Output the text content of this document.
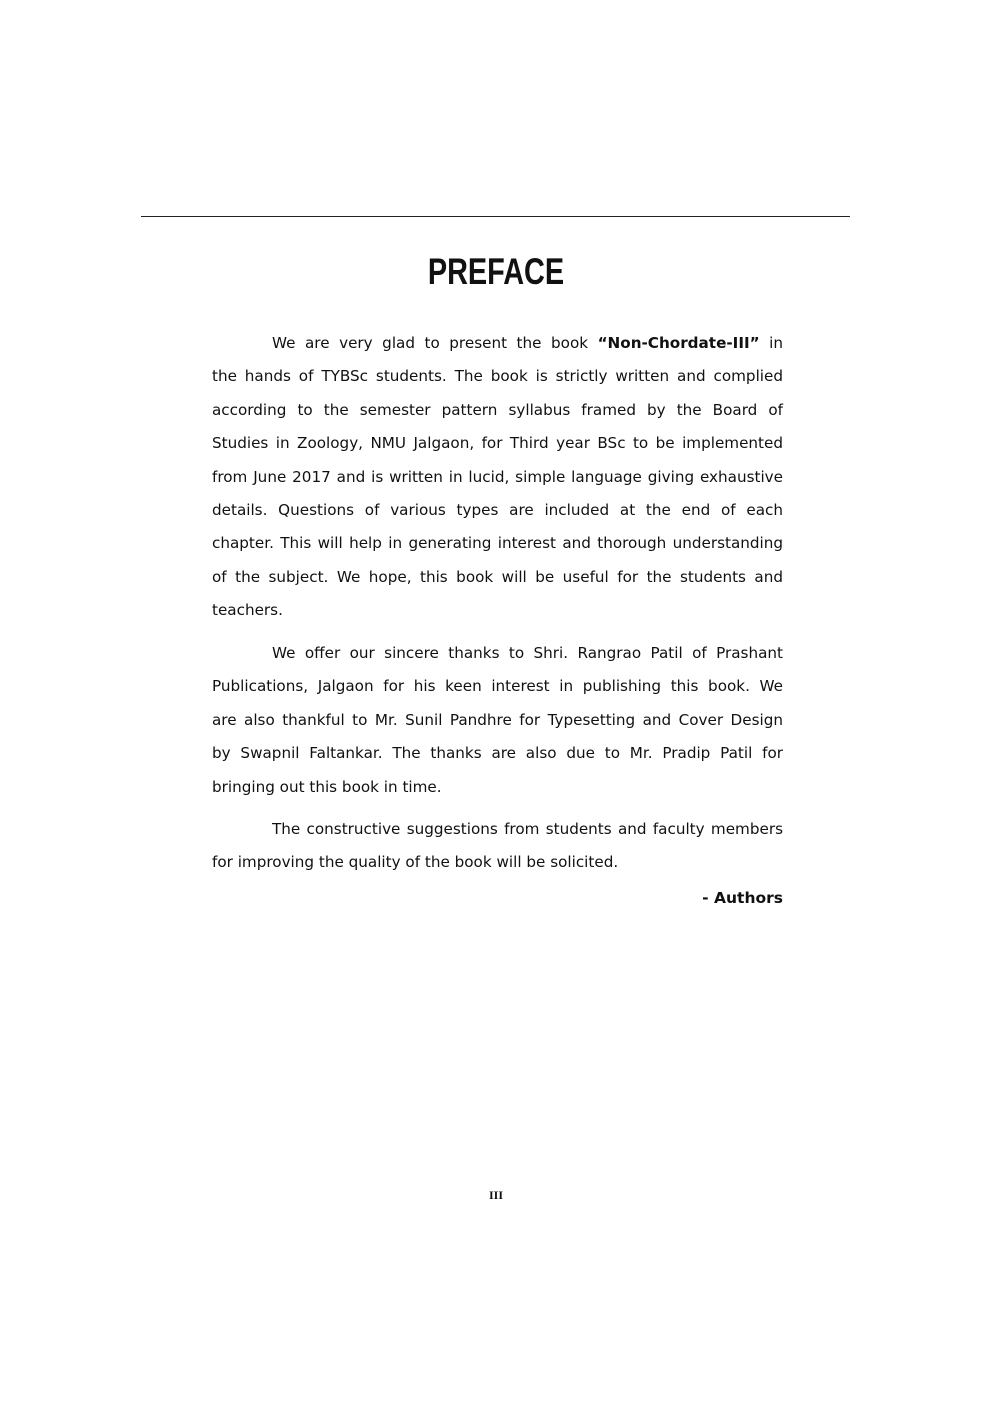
PREFACE
We are very glad to present the book “Non-Chordate-III” in
the hands of TYBSc students. The book is strictly written and complied
according to the semester pattern syllabus framed by the Board of
Studies in Zoology, NMU Jalgaon, for Third year BSc to be implemented
from June 2017 and is written in lucid, simple language giving exhaustive
details. Questions of various types are included at the end of each
chapter. This will help in generating interest and thorough understanding
of the subject. We hope, this book will be useful for the students and
teachers.
We offer our sincere thanks to Shri. Rangrao Patil of Prashant
Publications, Jalgaon for his keen interest in publishing this book. We
are also thankful to Mr. Sunil Pandhre for Typesetting and Cover Design
by Swapnil Faltankar. The thanks are also due to Mr. Pradip Patil for
bringing out this book in time.
The constructive suggestions from students and faculty members
for improving the quality of the book will be solicited.
- Authors
III
